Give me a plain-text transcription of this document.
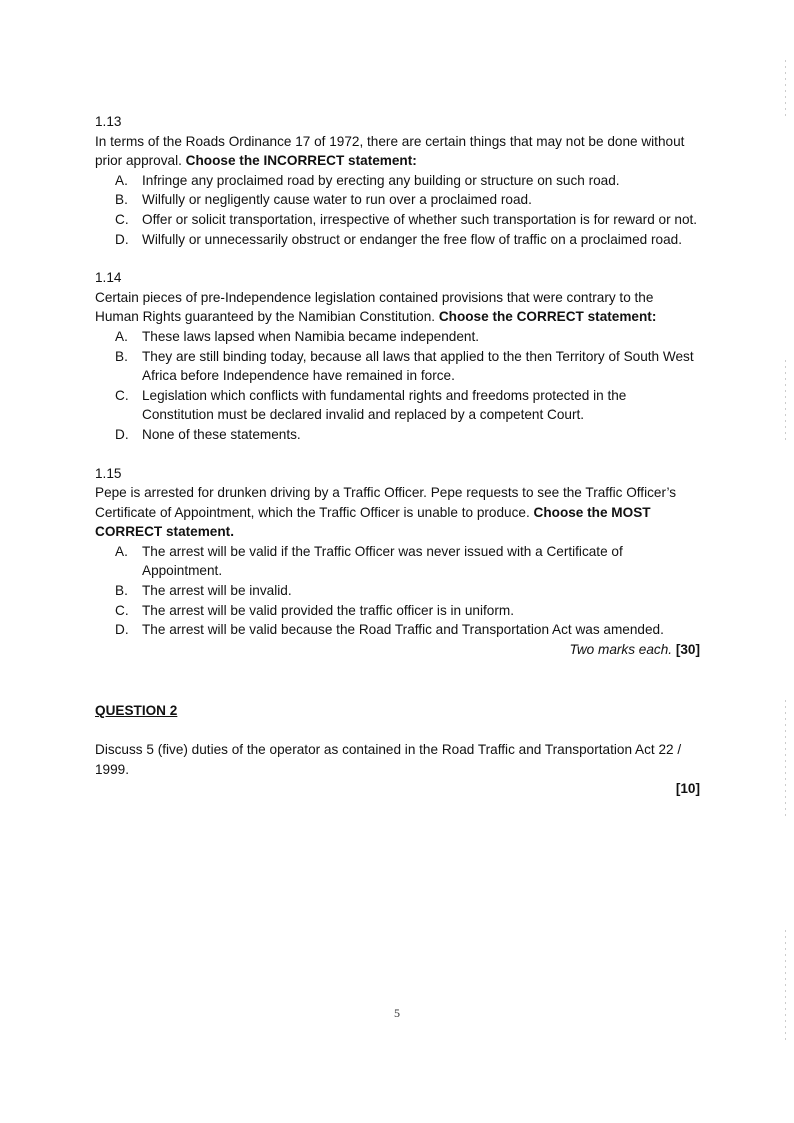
1.13

In terms of the Roads Ordinance 17 of 1972, there are certain things that may not be done without prior approval. Choose the INCORRECT statement:

A. Infringe any proclaimed road by erecting any building or structure on such road.
B. Wilfully or negligently cause water to run over a proclaimed road.
C. Offer or solicit transportation, irrespective of whether such transportation is for reward or not.
D. Wilfully or unnecessarily obstruct or endanger the free flow of traffic on a proclaimed road.

1.14

Certain pieces of pre-Independence legislation contained provisions that were contrary to the Human Rights guaranteed by the Namibian Constitution. Choose the CORRECT statement:

A. These laws lapsed when Namibia became independent.
B. They are still binding today, because all laws that applied to the then Territory of South West Africa before Independence have remained in force.
C. Legislation which conflicts with fundamental rights and freedoms protected in the Constitution must be declared invalid and replaced by a competent Court.
D. None of these statements.

1.15

Pepe is arrested for drunken driving by a Traffic Officer. Pepe requests to see the Traffic Officer’s Certificate of Appointment, which the Traffic Officer is unable to produce. Choose the MOST CORRECT statement.

A. The arrest will be valid if the Traffic Officer was never issued with a Certificate of Appointment.
B. The arrest will be invalid.
C. The arrest will be valid provided the traffic officer is in uniform.
D. The arrest will be valid because the Road Traffic and Transportation Act was amended.

Two marks each. [30]

QUESTION 2

Discuss 5 (five) duties of the operator as contained in the Road Traffic and Transportation Act 22 / 1999.

[10]

5
